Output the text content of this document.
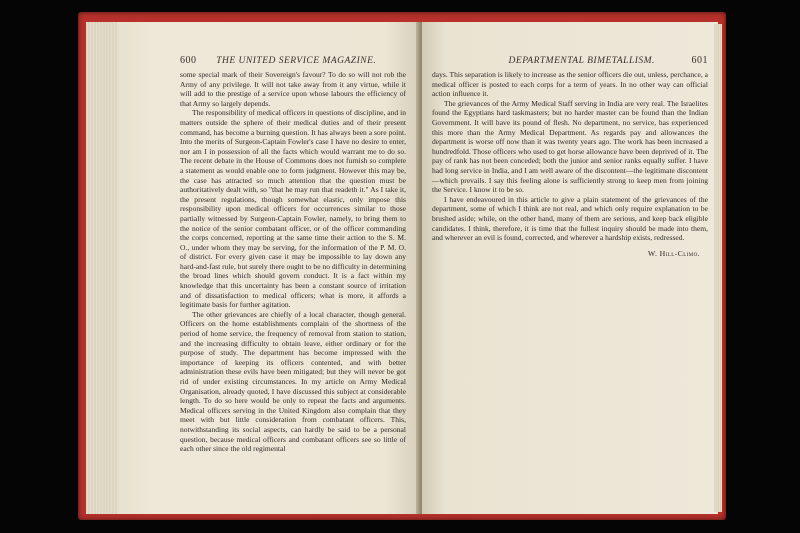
600 THE UNITED SERVICE MAGAZINE.

some special mark of their Sovereign's favour? To do so will not rob the Army of any privilege. It will not take away from it any virtue, while it will add to the prestige of a service upon whose labours the efficiency of that Army so largely depends.

The responsibility of medical officers in questions of discipline, and in matters outside the sphere of their medical duties and of their present command, has become a burning question. It has always been a sore point. Into the merits of Surgeon-Captain Fowler's case I have no desire to enter, nor am I in possession of all the facts which would warrant me to do so. The recent debate in the House of Commons does not furnish so complete a statement as would enable one to form judgment. However this may be, the case has attracted so much attention that the question must be authoritatively dealt with, so "that he may run that readeth it." As I take it, the present regulations, though somewhat elastic, only impose this responsibility upon medical officers for occurrences similar to those partially witnessed by Surgeon-Captain Fowler, namely, to bring them to the notice of the senior combatant officer, or of the officer commanding the corps concerned, reporting at the same time their action to the S. M. O., under whom they may be serving, for the information of the P. M. O. of district. For every given case it may be impossible to lay down any hard-and-fast rule, but surely there ought to be no difficulty in determining the broad lines which should govern conduct. It is a fact within my knowledge that this uncertainty has been a constant source of irritation and of dissatisfaction to medical officers; what is more, it affords a legitimate basis for further agitation.

The other grievances are chiefly of a local character, though general. Officers on the home establishments complain of the shortness of the period of home service, the frequency of removal from station to station, and the increasing difficulty to obtain leave, either ordinary or for the purpose of study. The department has become impressed with the importance of keeping its officers contented, and with better administration these evils have been mitigated; but they will never be got rid of under existing circumstances. In my article on Army Medical Organisation, already quoted, I have discussed this subject at considerable length. To do so here would be only to repeat the facts and arguments. Medical officers serving in the United Kingdom also complain that they meet with but little consideration from combatant officers. This, notwithstanding its social aspects, can hardly be said to be a personal question, because medical officers and combatant officers see so little of each other since the old regimental

DEPARTMENTAL BIMETALLISM.	601

days. This separation is likely to increase as the senior officers die out, unless, perchance, a medical officer is posted to each corps for a term of years. In no other way can official action influence it.

The grievances of the Army Medical Staff serving in India are very real. The Israelites found the Egyptians hard taskmasters; but no harder master can be found than the Indian Government. It will have its pound of flesh. No department, no service, has experienced this more than the Army Medical Department. As regards pay and allowances the department is worse off now than it was twenty years ago. The work has been increased a hundredfold. Those officers who used to get horse allowance have been deprived of it. The pay of rank has not been conceded; both the junior and senior ranks equally suffer. I have had long service in India, and I am well aware of the discontent—the legitimate discontent—which prevails. I say this feeling alone is sufficiently strong to keep men from joining the Service. I know it to be so.

I have endeavoured in this article to give a plain statement of the grievances of the department, some of which I think are not real, and which only require explanation to be brushed aside; while, on the other hand, many of them are serious, and keep back eligible candidates. I think, therefore, it is time that the fullest inquiry should be made into them, and wherever an evil is found, corrected, and wherever a hardship exists, redressed.

W. Hill-Climo.
